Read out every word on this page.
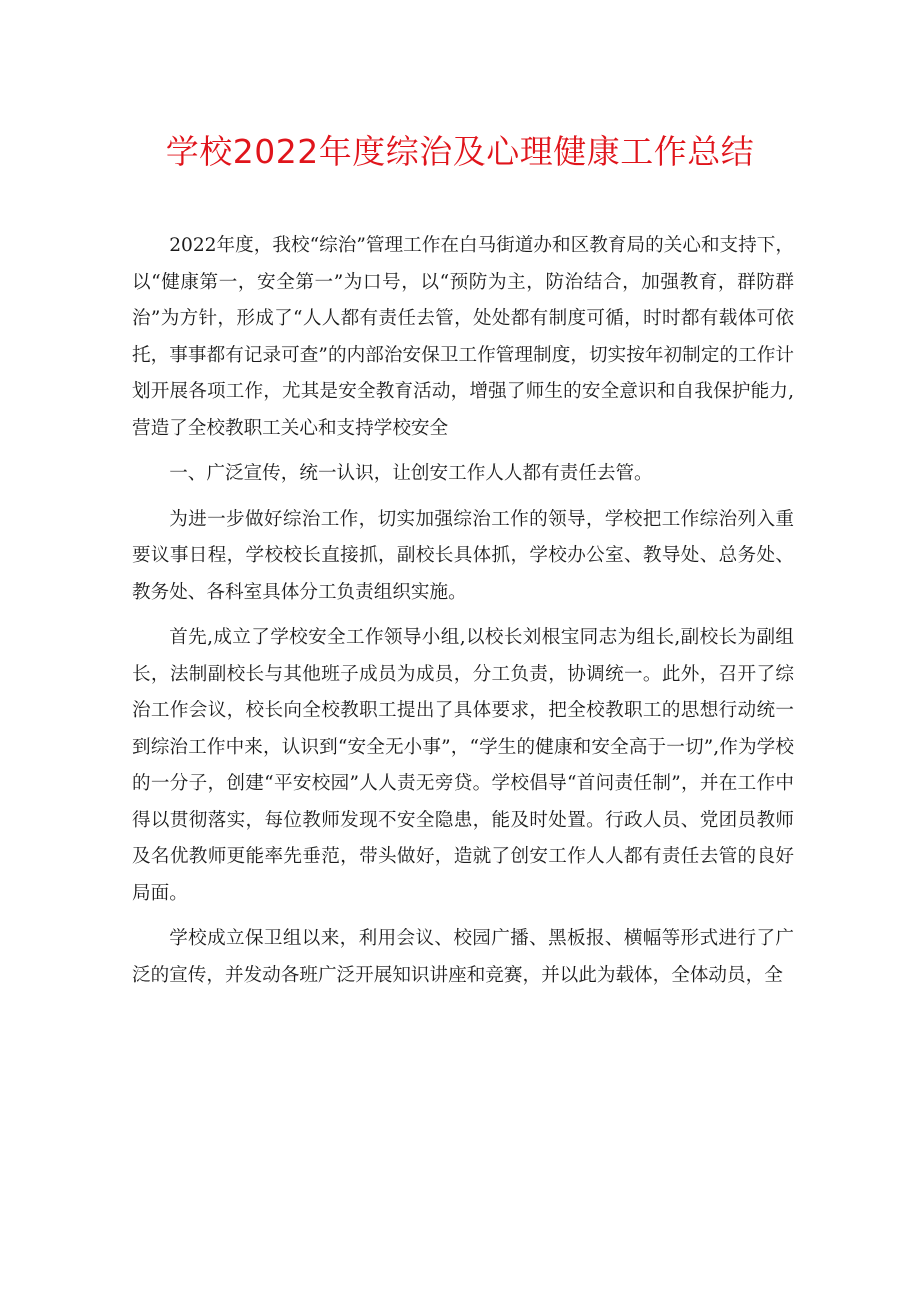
学校2022年度综治及心理健康工作总结

2022年度，我校“综治”管理工作在白马街道办和区教育局的关心和支持下，以“健康第一，安全第一”为口号，以“预防为主，防治结合，加强教育，群防群治”为方针，形成了“人人都有责任去管，处处都有制度可循，时时都有载体可依托，事事都有记录可查”的内部治安保卫工作管理制度，切实按年初制定的工作计划开展各项工作，尤其是安全教育活动，增强了师生的安全意识和自我保护能力,营造了全校教职工关心和支持学校安全

一、广泛宣传，统一认识，让创安工作人人都有责任去管。

为进一步做好综治工作，切实加强综治工作的领导，学校把工作综治列入重要议事日程，学校校长直接抓，副校长具体抓，学校办公室、教导处、总务处、教务处、各科室具体分工负责组织实施。

首先,成立了学校安全工作领导小组,以校长刘根宝同志为组长,副校长为副组长，法制副校长与其他班子成员为成员，分工负责，协调统一。此外，召开了综治工作会议，校长向全校教职工提出了具体要求，把全校教职工的思想行动统一到综治工作中来，认识到“安全无小事”，“学生的健康和安全高于一切”,作为学校的一分子，创建“平安校园”人人责无旁贷。学校倡导“首问责任制”，并在工作中得以贯彻落实，每位教师发现不安全隐患，能及时处置。行政人员、党团员教师及名优教师更能率先垂范，带头做好，造就了创安工作人人都有责任去管的良好局面。

学校成立保卫组以来，利用会议、校园广播、黑板报、横幅等形式进行了广泛的宣传，并发动各班广泛开展知识讲座和竞赛，并以此为载体，全体动员，全
